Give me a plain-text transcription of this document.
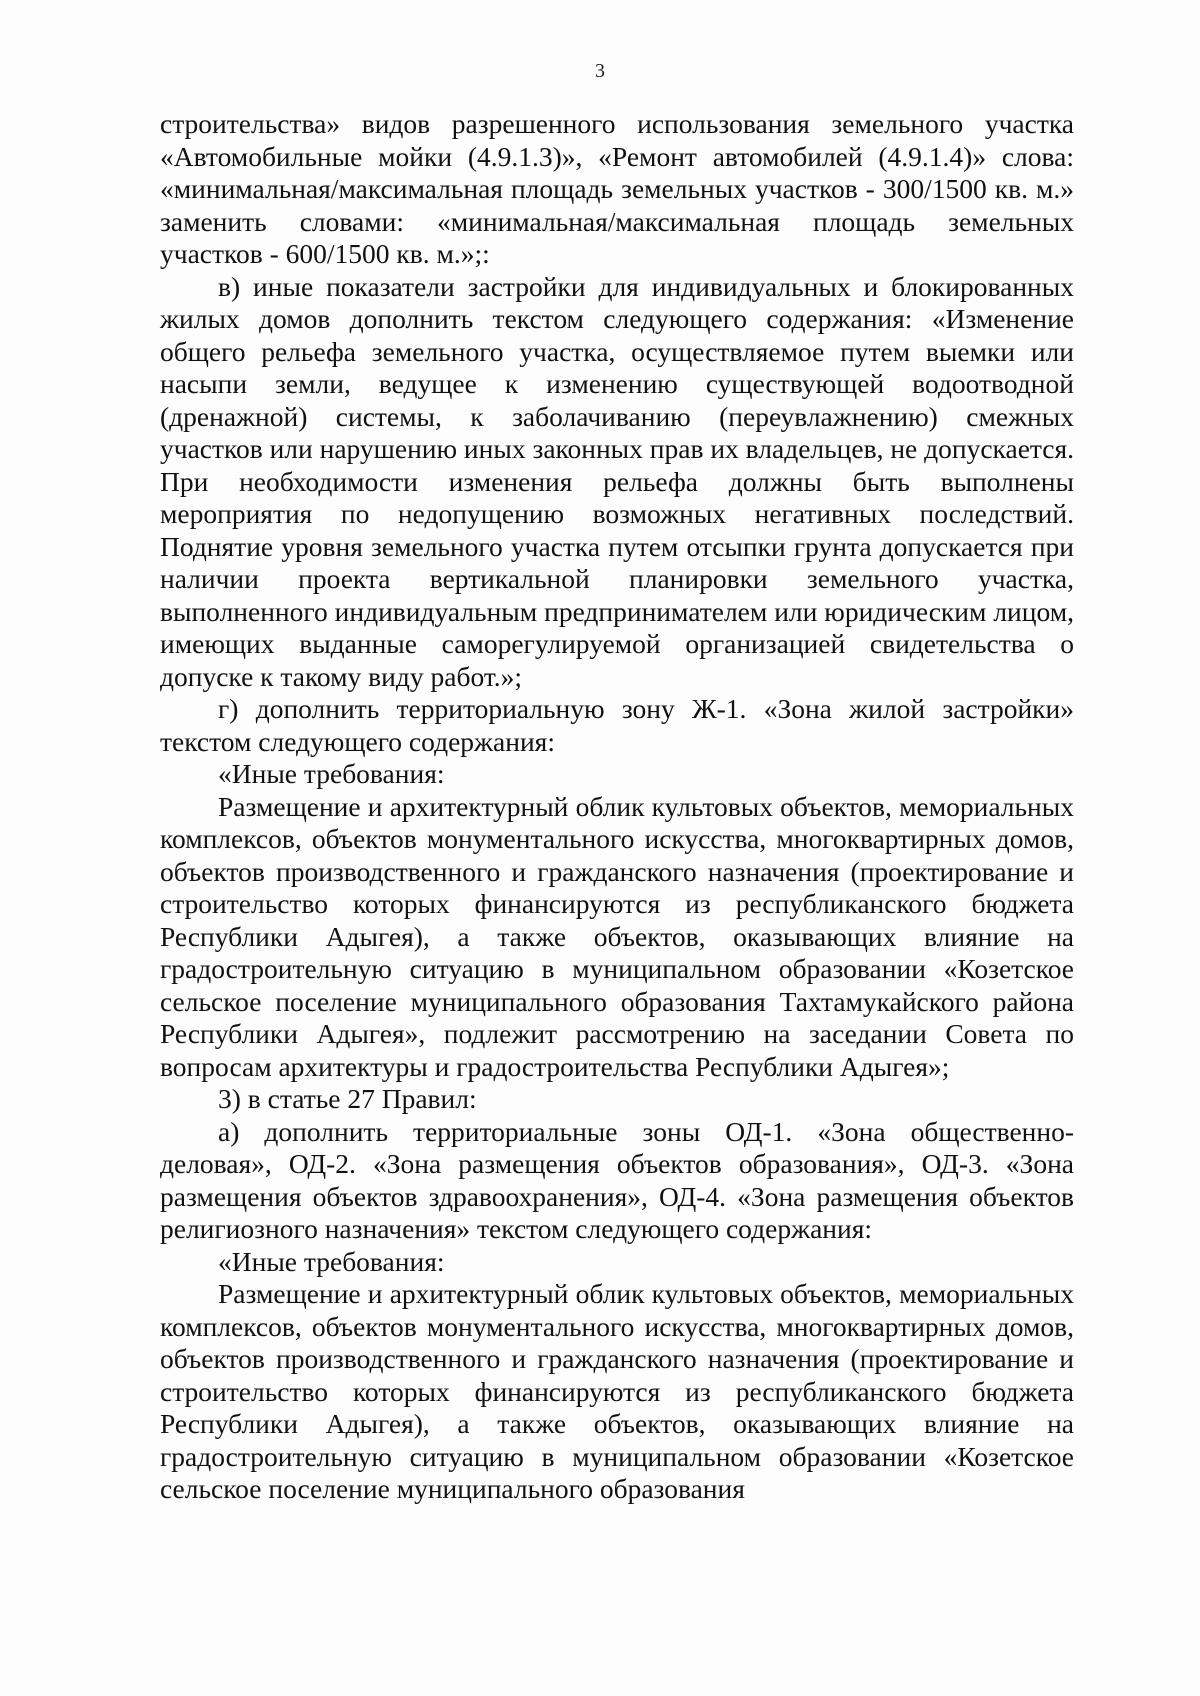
3

строительства» видов разрешенного использования земельного участка «Автомобильные мойки (4.9.1.3)», «Ремонт автомобилей (4.9.1.4)» слова: «минимальная/максимальная площадь земельных участков - 300/1500 кв. м.» заменить словами: «минимальная/максимальная площадь земельных участков - 600/1500 кв. м.»;:

в) иные показатели застройки для индивидуальных и блокированных жилых домов дополнить текстом следующего содержания: «Изменение общего рельефа земельного участка, осуществляемое путем выемки или насыпи земли, ведущее к изменению существующей водоотводной (дренажной) системы, к заболачиванию (переувлажнению) смежных участков или нарушению иных законных прав их владельцев, не допускается. При необходимости изменения рельефа должны быть выполнены мероприятия по недопущению возможных негативных последствий. Поднятие уровня земельного участка путем отсыпки грунта допускается при наличии проекта вертикальной планировки земельного участка, выполненного индивидуальным предпринимателем или юридическим лицом, имеющих выданные саморегулируемой организацией свидетельства о допуске к такому виду работ.»;

г) дополнить территориальную зону Ж-1. «Зона жилой застройки» текстом следующего содержания:

«Иные требования:

Размещение и архитектурный облик культовых объектов, мемориальных комплексов, объектов монументального искусства, многоквартирных домов, объектов производственного и гражданского назначения (проектирование и строительство которых финансируются из республиканского бюджета Республики Адыгея), а также объектов, оказывающих влияние на градостроительную ситуацию в муниципальном образовании «Козетское сельское поселение муниципального образования Тахтамукайского района Республики Адыгея», подлежит рассмотрению на заседании Совета по вопросам архитектуры и градостроительства Республики Адыгея»;

3) в статье 27 Правил:

а) дополнить территориальные зоны ОД-1. «Зона общественно-деловая», ОД-2. «Зона размещения объектов образования», ОД-3. «Зона размещения объектов здравоохранения», ОД-4. «Зона размещения объектов религиозного назначения» текстом следующего содержания:

«Иные требования:

Размещение и архитектурный облик культовых объектов, мемориальных комплексов, объектов монументального искусства, многоквартирных домов, объектов производственного и гражданского назначения (проектирование и строительство которых финансируются из республиканского бюджета Республики Адыгея), а также объектов, оказывающих влияние на градостроительную ситуацию в муниципальном образовании «Козетское сельское поселение муниципального образования
